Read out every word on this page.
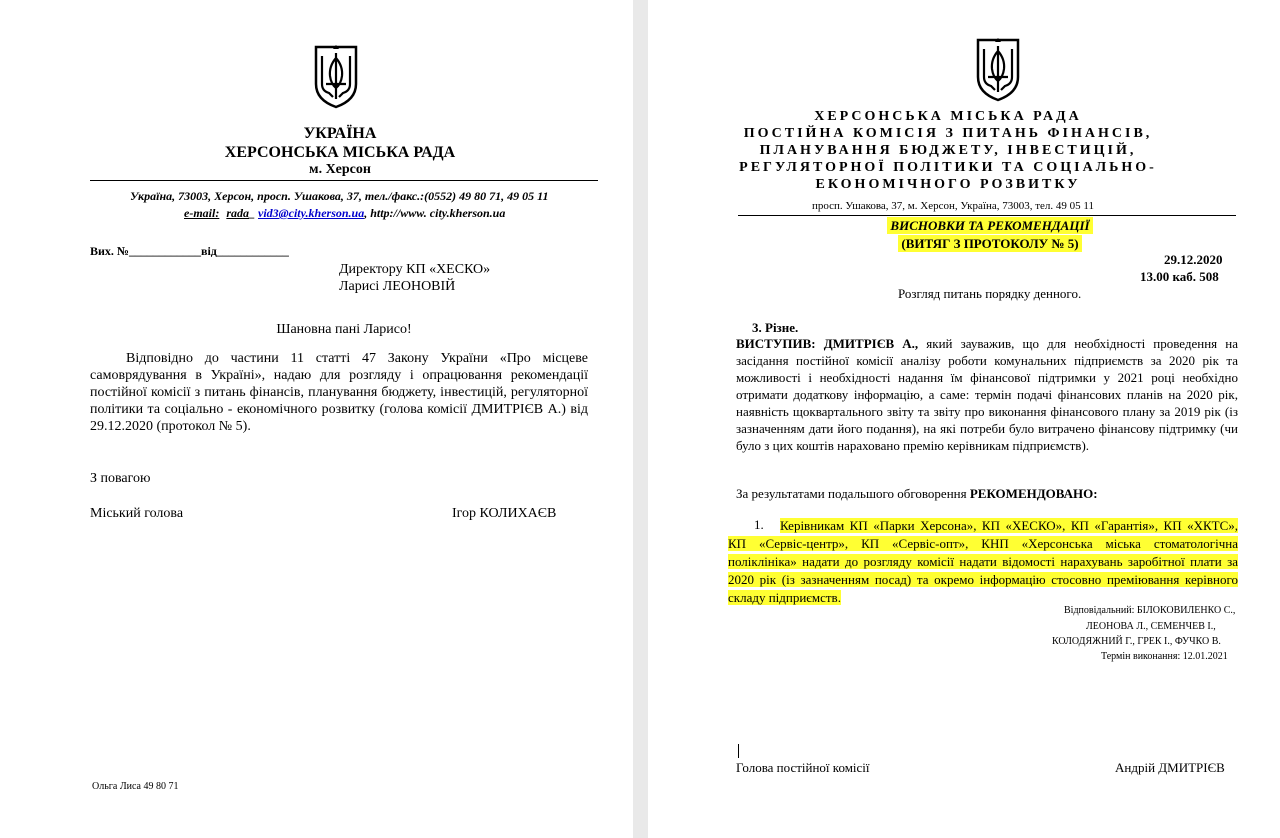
УКРАЇНА
ХЕРСОНСЬКА МІСЬКА РАДА
м. Херсон
Україна, 73003, Херсон, просп. Ушакова, 37, тел./факс.:(0552) 49 80 71, 49 05 11
e-mail: rada_ vid3@city.kherson.ua, http://www. city.kherson.ua
Вих. №____________від____________
Директору КП «ХЕСКО»
Ларисі ЛЕОНОВІЙ
Шановна пані Ларисо!
Відповідно до частини 11 статті 47 Закону України «Про місцеве самоврядування в Україні», надаю для розгляду і опрацювання рекомендації постійної комісії з питань фінансів, планування бюджету, інвестицій, регуляторної політики та соціально - економічного розвитку (голова комісії ДМИТРІЄВ А.) від 29.12.2020 (протокол № 5).
З повагою
Міський голова	Ігор КОЛИХАЄВ
Ольга Лиса 49 80 71
ХЕРСОНСЬКА МІСЬКА РАДА
ПОСТІЙНА КОМІСІЯ З ПИТАНЬ ФІНАНСІВ,
ПЛАНУВАННЯ БЮДЖЕТУ, ІНВЕСТИЦІЙ,
РЕГУЛЯТОРНОЇ ПОЛІТИКИ ТА СОЦІАЛЬНО-
ЕКОНОМІЧНОГО РОЗВИТКУ
просп. Ушакова, 37, м. Херсон, Україна, 73003, тел. 49 05 11
ВИСНОВКИ ТА РЕКОМЕНДАЦІЇ
(ВИТЯГ З ПРОТОКОЛУ № 5)
29.12.2020
13.00 каб. 508
Розгляд питань порядку денного.
3. Різне.
ВИСТУПИВ: ДМИТРІЄВ А., який зауважив, що для необхідності проведення на засідання постійної комісії аналізу роботи комунальних підприємств за 2020 рік та можливості і необхідності надання їм фінансової підтримки у 2021 році необхідно отримати додаткову інформацію, а саме: термін подачі фінансових планів на 2020 рік, наявність щоквартального звіту та звіту про виконання фінансового плану за 2019 рік (із зазначенням дати його подання), на які потреби було витрачено фінансову підтримку (чи було з цих коштів нараховано премію керівникам підприємств).
За результатами подальшого обговорення РЕКОМЕНДОВАНО:
1.	Керівникам КП «Парки Херсона», КП «ХЕСКО», КП «Гарантія», КП «ХКТС», КП «Сервіс-центр», КП «Сервіс-опт», КНП «Херсонська міська стоматологічна поліклініка» надати до розгляду комісії надати відомості нарахувань заробітної плати за 2020 рік (із зазначенням посад) та окремо інформацію стосовно преміювання керівного складу підприємств.
Відповідальний: БІЛОКОВИЛЕНКО С.,
ЛЕОНОВА Л., СЕМЕНЧЕВ І.,
КОЛОДЯЖНИЙ Г., ГРЕК І., ФУЧКО В.
Термін виконання: 12.01.2021
Голова постійної комісії	Андрій ДМИТРІЄВ
